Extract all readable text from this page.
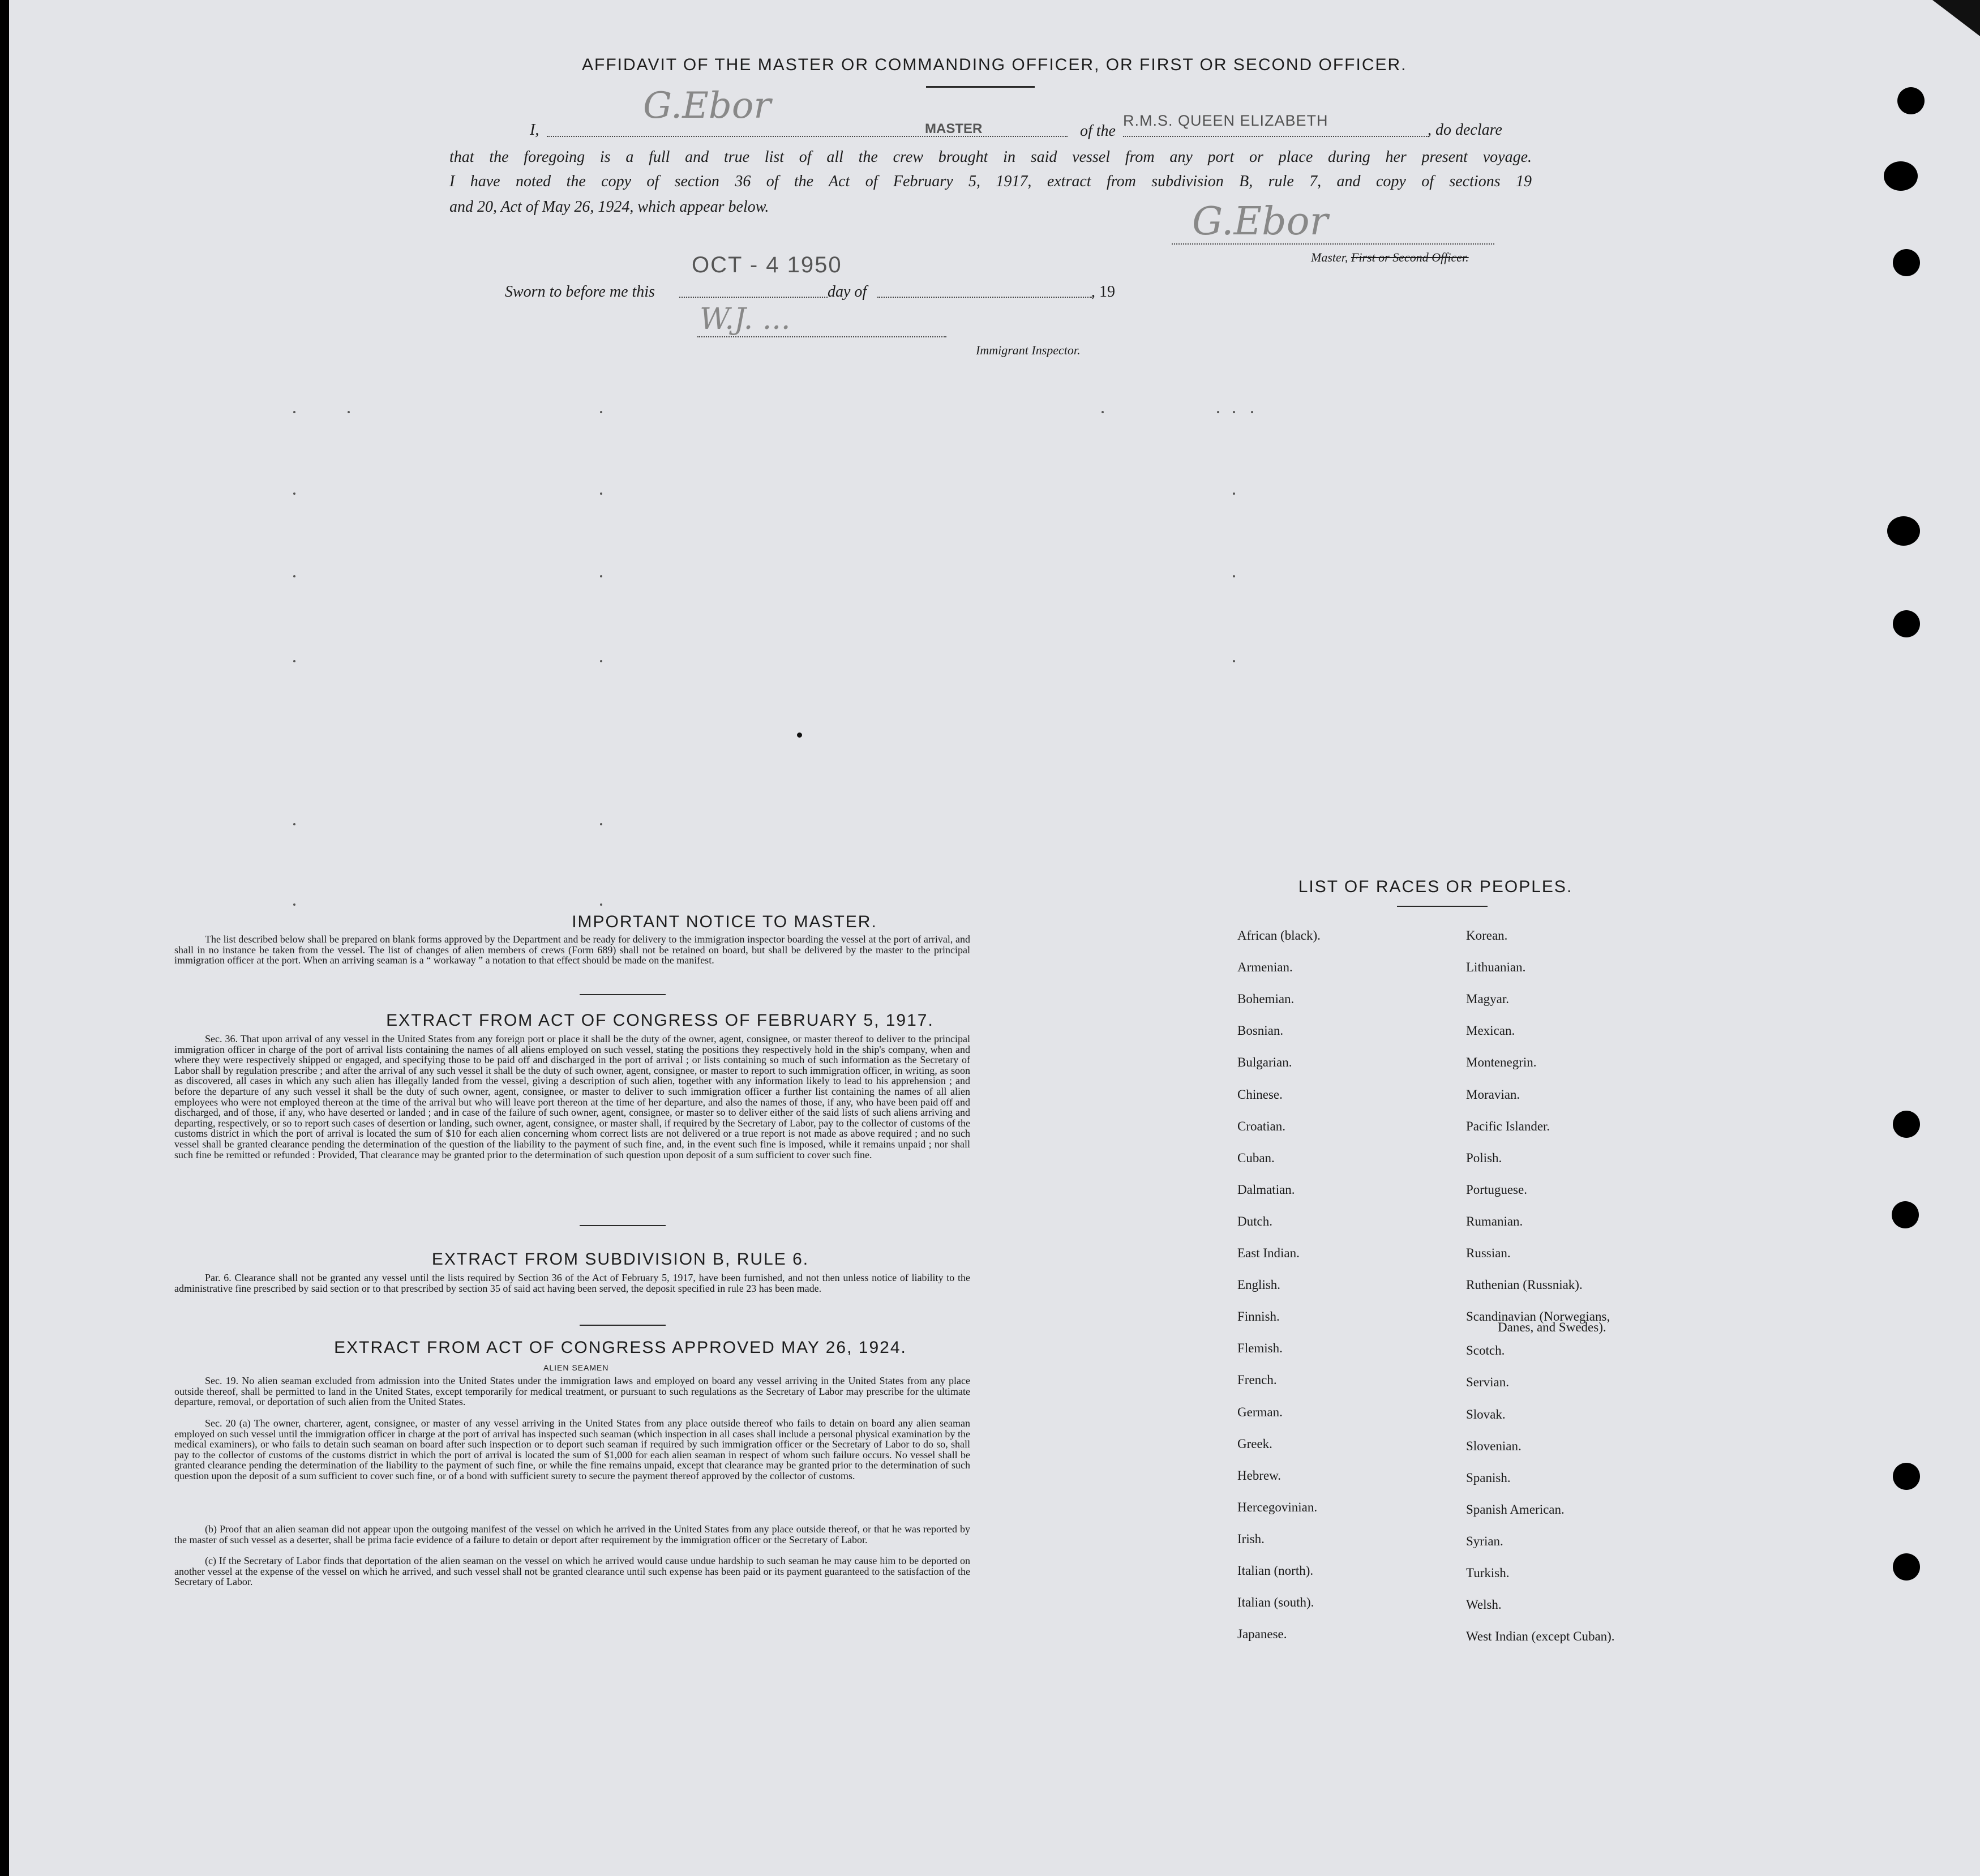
AFFIDAVIT OF THE MASTER OR COMMANDING OFFICER, OR FIRST OR SECOND OFFICER.
I,
G.Ebor
MASTER	of the
R.M.S. QUEEN ELIZABETH
, do declare
that the foregoing is a full and true list of all the crew brought in said vessel from any port or place during her present voyage.
I have noted the copy of section 36 of the Act of February 5, 1917, extract from subdivision B, rule 7, and copy of sections 19
and 20, Act of May 26, 1924, which appear below.	G.Ebor
Master, First or Second Officer.
OCT - 4 1950
Sworn to before me this	day of	, 19
W.J. ...
Immigrant Inspector.
IMPORTANT NOTICE TO MASTER.
The list described below shall be prepared on blank forms approved by the Department and be ready for delivery to the immigration inspector boarding the vessel at the port of arrival, and shall in no instance be taken from the vessel. The list of changes of alien members of crews (Form 689) shall not be retained on board, but shall be delivered by the master to the principal immigration officer at the port. When an arriving seaman is a “ workaway ” a notation to that effect should be made on the manifest.
EXTRACT FROM ACT OF CONGRESS OF FEBRUARY 5, 1917.
Sec. 36. That upon arrival of any vessel in the United States from any foreign port or place it shall be the duty of the owner, agent, consignee, or master thereof to deliver to the principal immigration officer in charge of the port of arrival lists containing the names of all aliens employed on such vessel, stating the positions they respectively hold in the ship's company, when and where they were respectively shipped or engaged, and specifying those to be paid off and discharged in the port of arrival ; or lists containing so much of such information as the Secretary of Labor shall by regulation prescribe ; and after the arrival of any such vessel it shall be the duty of such owner, agent, consignee, or master to report to such immigration officer, in writing, as soon as discovered, all cases in which any such alien has illegally landed from the vessel, giving a description of such alien, together with any information likely to lead to his apprehension ; and before the departure of any such vessel it shall be the duty of such owner, agent, consignee, or master to deliver to such immigration officer a further list containing the names of all alien employees who were not employed thereon at the time of the arrival but who will leave port thereon at the time of her departure, and also the names of those, if any, who have been paid off and discharged, and of those, if any, who have deserted or landed ; and in case of the failure of such owner, agent, consignee, or master so to deliver either of the said lists of such aliens arriving and departing, respectively, or so to report such cases of desertion or landing, such owner, agent, consignee, or master shall, if required by the Secretary of Labor, pay to the collector of customs of the customs district in which the port of arrival is located the sum of $10 for each alien concerning whom correct lists are not delivered or a true report is not made as above required ; and no such vessel shall be granted clearance pending the determination of the question of the liability to the payment of such fine, and, in the event such fine is imposed, while it remains unpaid ; nor shall such fine be remitted or refunded : Provided, That clearance may be granted prior to the determination of such question upon deposit of a sum sufficient to cover such fine.
EXTRACT FROM SUBDIVISION B, RULE 6.
Par. 6. Clearance shall not be granted any vessel until the lists required by Section 36 of the Act of February 5, 1917, have been furnished, and not then unless notice of liability to the administrative fine prescribed by said section or to that prescribed by section 35 of said act having been served, the deposit specified in rule 23 has been made.
EXTRACT FROM ACT OF CONGRESS APPROVED MAY 26, 1924.
ALIEN SEAMEN
Sec. 19. No alien seaman excluded from admission into the United States under the immigration laws and employed on board any vessel arriving in the United States from any place outside thereof, shall be permitted to land in the United States, except temporarily for medical treatment, or pursuant to such regulations as the Secretary of Labor may prescribe for the ultimate departure, removal, or deportation of such alien from the United States.
Sec. 20 (a) The owner, charterer, agent, consignee, or master of any vessel arriving in the United States from any place outside thereof who fails to detain on board any alien seaman employed on such vessel until the immigration officer in charge at the port of arrival has inspected such seaman (which inspection in all cases shall include a personal physical examination by the medical examiners), or who fails to detain such seaman on board after such inspection or to deport such seaman if required by such immigration officer or the Secretary of Labor to do so, shall pay to the collector of customs of the customs district in which the port of arrival is located the sum of $1,000 for each alien seaman in respect of whom such failure occurs. No vessel shall be granted clearance pending the determination of the liability to the payment of such fine, or while the fine remains unpaid, except that clearance may be granted prior to the determination of such question upon the deposit of a sum sufficient to cover such fine, or of a bond with sufficient surety to secure the payment thereof approved by the collector of customs.
(b) Proof that an alien seaman did not appear upon the outgoing manifest of the vessel on which he arrived in the United States from any place outside thereof, or that he was reported by the master of such vessel as a deserter, shall be prima facie evidence of a failure to detain or deport after requirement by the immigration officer or the Secretary of Labor.
(c) If the Secretary of Labor finds that deportation of the alien seaman on the vessel on which he arrived would cause undue hardship to such seaman he may cause him to be deported on another vessel at the expense of the vessel on which he arrived, and such vessel shall not be granted clearance until such expense has been paid or its payment guaranteed to the satisfaction of the Secretary of Labor.
LIST OF RACES OR PEOPLES.
Danes, and Swedes).
African (black).
Armenian.
Bohemian.
Bosnian.
Bulgarian.
Chinese.
Croatian.
Cuban.
Dalmatian.
Dutch.
East Indian.
English.
Finnish.
Flemish.
French.
German.
Greek.
Hebrew.
Hercegovinian.
Irish.
Italian (north).
Italian (south).
Japanese.
Korean.
Lithuanian.
Magyar.
Mexican.
Montenegrin.
Moravian.
Pacific Islander.
Polish.
Portuguese.
Rumanian.
Russian.
Ruthenian (Russniak).
Scandinavian (Norwegians,
Scotch.
Servian.
Slovak.
Slovenian.
Spanish.
Spanish American.
Syrian.
Turkish.
Welsh.
West Indian (except Cuban).
